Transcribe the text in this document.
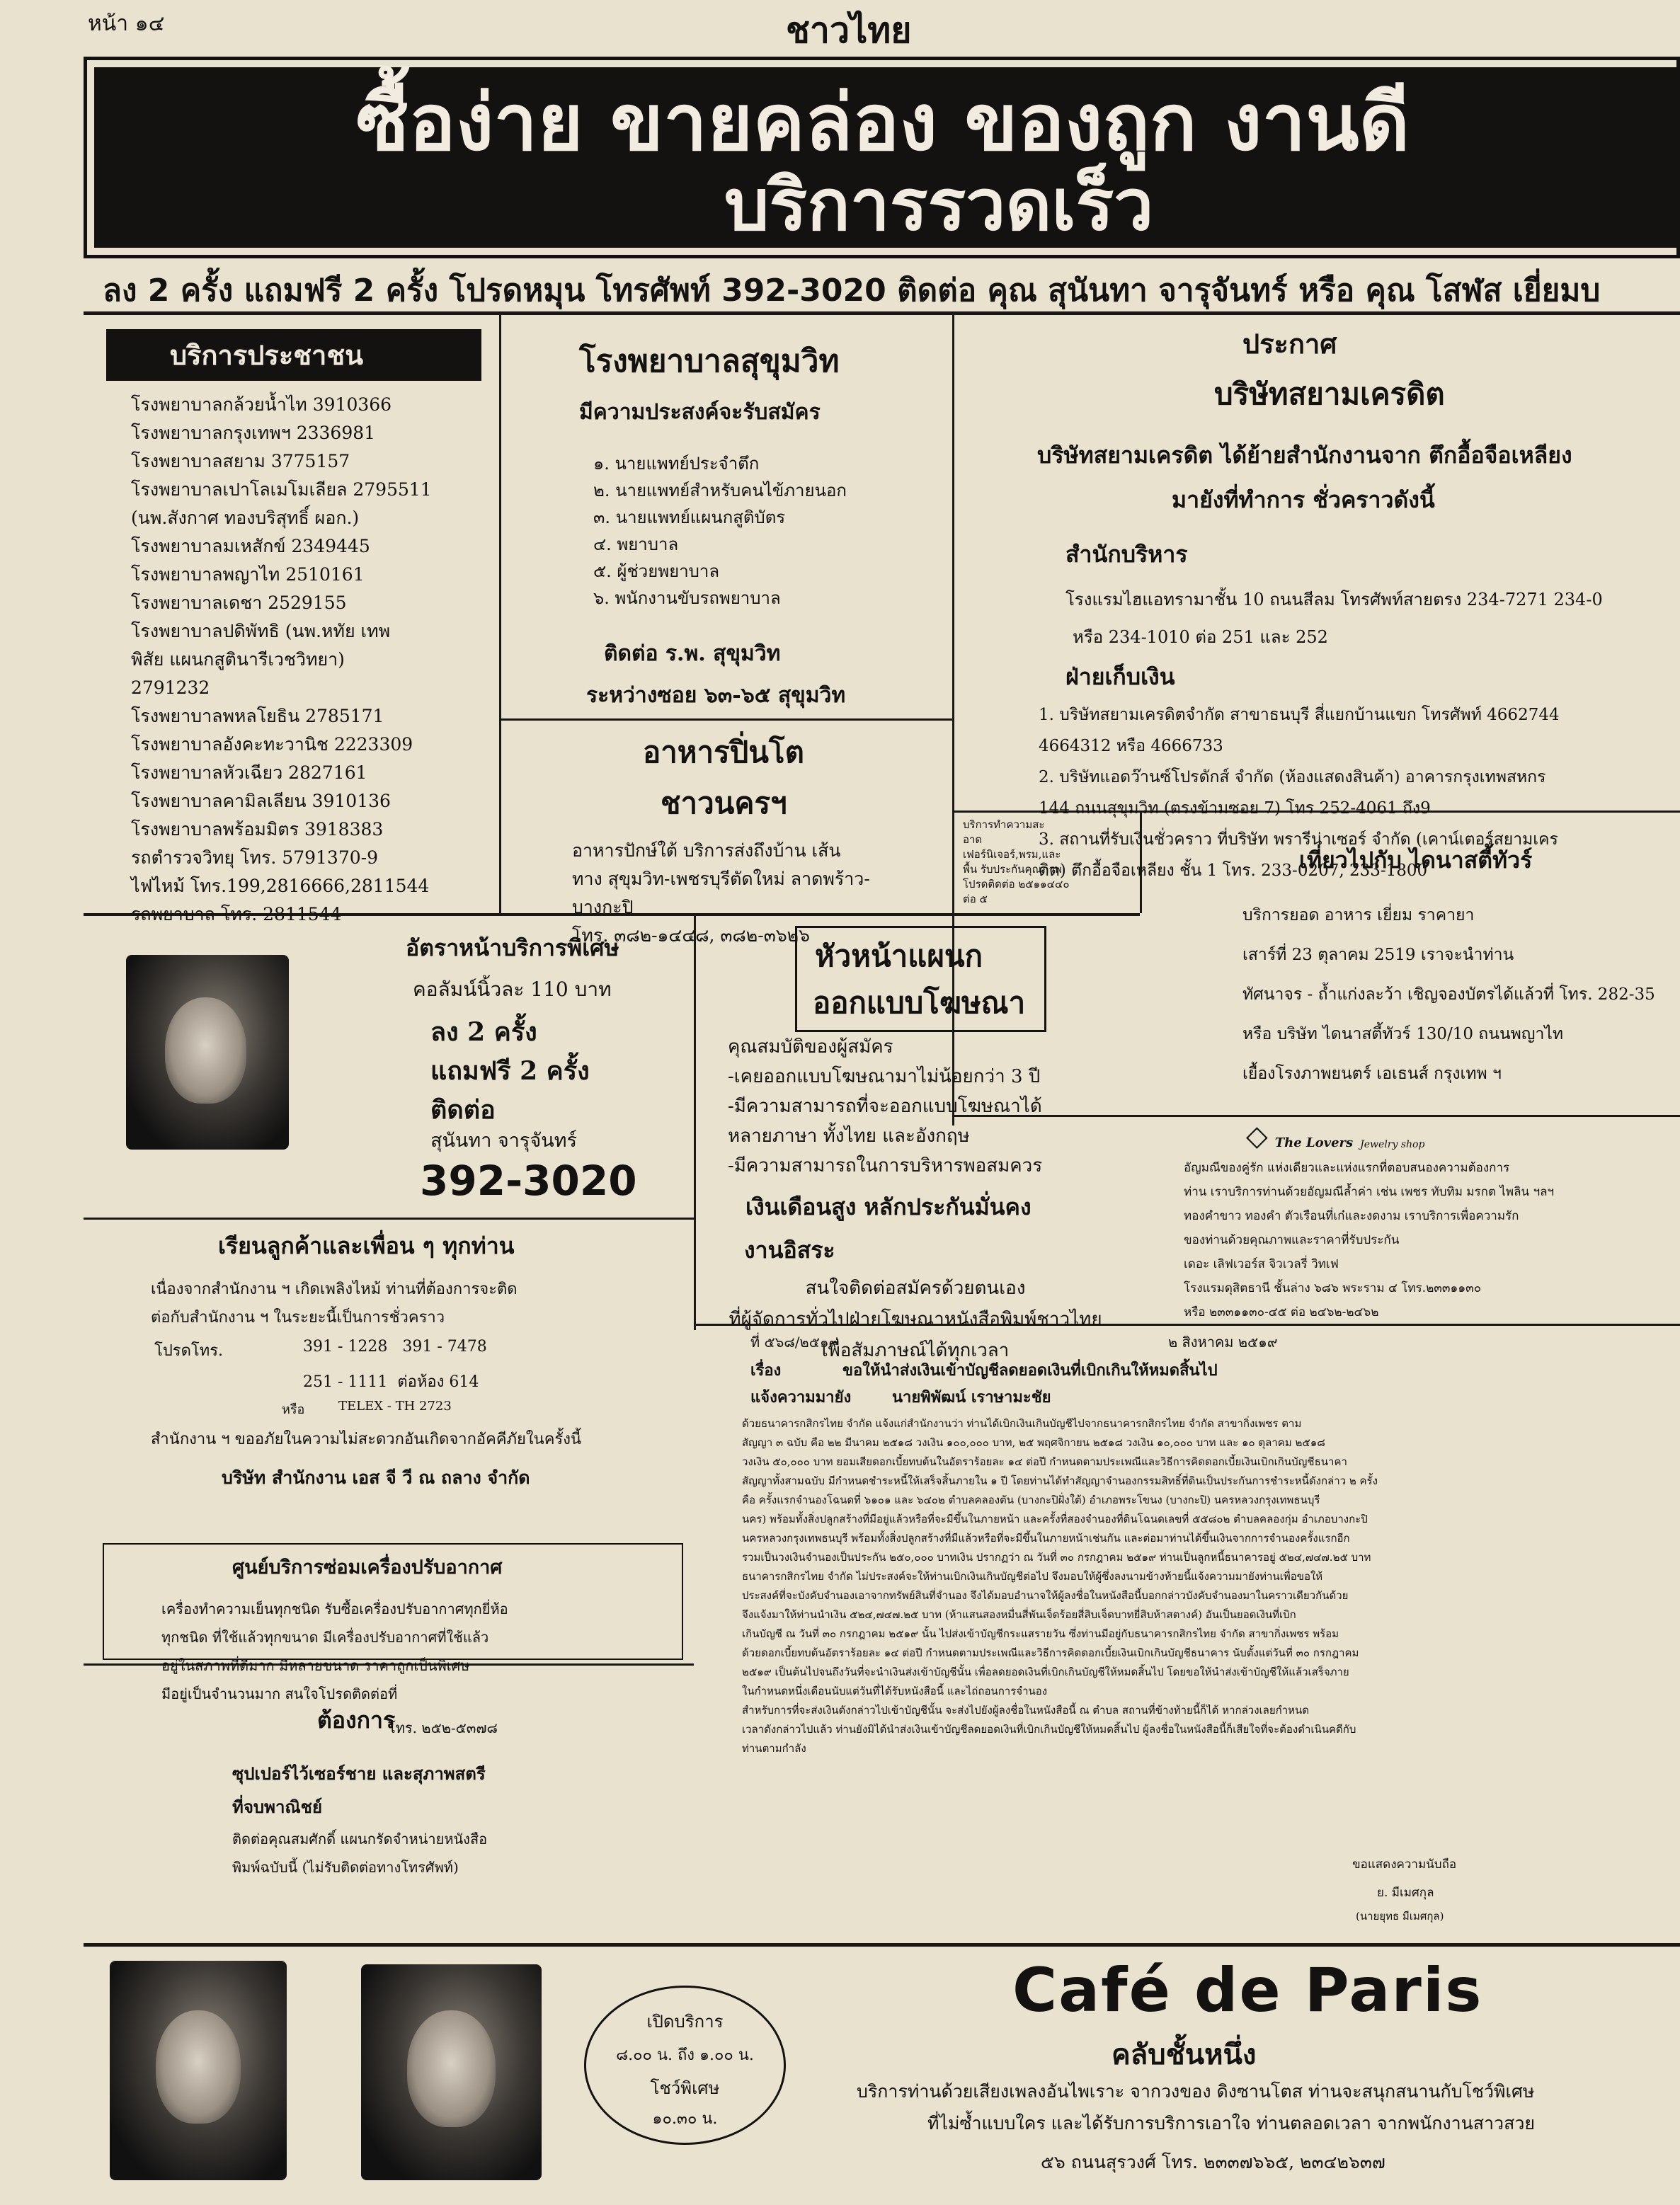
หน้า ๑๔	ชาวไทย
ซื้อง่าย ขายคล่อง ของถูก งานดี
บริการรวดเร็ว
ลง 2 ครั้ง แถมฟรี 2 ครั้ง โปรดหมุน โทรศัพท์ 392-3020 ติดต่อ คุณ สุนันทา จารุจันทร์ หรือ คุณ โสฬส เยี่ยมบ
บริการประชาชน
โรงพยาบาลกล้วยน้ำไท 3910366
โรงพยาบาลกรุงเทพฯ 2336981
โรงพยาบาลสยาม 3775157
โรงพยาบาลเปาโลเมโมเลียล 2795511
(นพ.สังกาศ ทองบริสุทธิ์ ผอก.)
โรงพยาบาลมเหสักข์ 2349445
โรงพยาบาลพญาไท 2510161
โรงพยาบาลเดชา 2529155
โรงพยาบาลปดิพัทธิ (นพ.หทัย เทพ
พิสัย แผนกสูตินารีเวชวิทยา)
2791232
โรงพยาบาลพหลโยธิน 2785171
โรงพยาบาลอังคะทะวานิช 2223309
โรงพยาบาลหัวเฉียว 2827161
โรงพยาบาลคามิลเลียน 3910136
โรงพยาบาลพร้อมมิตร 3918383
รถตำรวจวิทยุ โทร. 5791370-9
ไฟไหม้ โทร.199,2816666,2811544
รถพยาบาล โทร. 2811544
โรงพยาบาลสุขุมวิท
มีความประสงค์จะรับสมัคร
๑. นายแพทย์ประจำตึก
๒. นายแพทย์สำหรับคนไข้ภายนอก
๓. นายแพทย์แผนกสูติบัตร
๔. พยาบาล
๕. ผู้ช่วยพยาบาล
๖. พนักงานขับรถพยาบาล
ติดต่อ ร.พ. สุขุมวิท
ระหว่างซอย ๖๓-๖๕ สุขุมวิท
ประกาศ
บริษัทสยามเครดิต
บริษัทสยามเครดิต ได้ย้ายสำนักงานจาก ตึกอื้อจือเหลียง
มายังที่ทำการ ชั่วคราวดังนี้
สำนักบริหาร
โรงแรมไฮแอทรามาชั้น 10 ถนนสีลม โทรศัพท์สายตรง 234-7271 234-0
หรือ 234-1010 ต่อ 251 และ 252
ฝ่ายเก็บเงิน
1. บริษัทสยามเครดิตจำกัด สาขาธนบุรี สี่แยกบ้านแขก โทรศัพท์ 4662744
4664312 หรือ 4666733
2. บริษัทแอดว๊านซ์โปรดักส์ จำกัด (ห้องแสดงสินค้า) อาคารกรุงเทพสหกร
144 ถนนสุขุมวิท (ตรงข้ามซอย 7) โทร 252-4061 ถึง9
3. สถานที่รับเงินชั่วคราว ที่บริษัท พรารีน่าเซอร์ จำกัด (เคาน์เตอร์สยามเคร
ดิต) ตึกอื้อจือเหลียง ชั้น 1 โทร. 233-0207, 233-1800
อาหารปิ่นโต
ชาวนครฯ
อาหารปักษ์ใต้ บริการส่งถึงบ้าน เส้น
ทาง สุขุมวิท-เพชรบุรีตัดใหม่ ลาดพร้าว-
บางกะปิ
โทร. ๓๘๒-๑๔๔๘, ๓๘๒-๓๖๒๖
บริการทำความสะ
อาด
เฟอร์นิเจอร์,พรม,และ
พื้น รับประกันคุณภาพ
โปรดติดต่อ ๒๕๑๑๔๔๐
ต่อ ๕
เที่ยวไปกับ ไดนาสตี้ทัวร์
บริการยอด อาหาร เยี่ยม ราคายา
เสาร์ที่ 23 ตุลาคม 2519 เราจะนำท่าน
ทัศนาจร - ถ้ำแก่งละว้า เชิญจองบัตรได้แล้วที่ โทร. 282-35
หรือ บริษัท ไดนาสตี้ทัวร์ 130/10 ถนนพญาไท
เยื้องโรงภาพยนตร์ เอเธนส์ กรุงเทพ ฯ
อัตราหน้าบริการพิเศษ
คอลัมน์นิ้วละ 110 บาท
ลง 2 ครั้ง
แถมฟรี 2 ครั้ง
ติดต่อ
สุนันทา จารุจันทร์
392-3020
หัวหน้าแผนก
ออกแบบโฆษณา
คุณสมบัติของผู้สมัคร
-เคยออกแบบโฆษณามาไม่น้อยกว่า 3 ปี
-มีความสามารถที่จะออกแบบโฆษณาได้
หลายภาษา ทั้งไทย และอังกฤษ
-มีความสามารถในการบริหารพอสมควร
เงินเดือนสูง หลักประกันมั่นคง
งานอิสระ
สนใจติดต่อสมัครด้วยตนเอง
ที่ผู้จัดการทั่วไปฝ่ายโฆษณาหนังสือพิมพ์ชาวไทย
เพื่อสัมภาษณ์ได้ทุกเวลา
◇ The Lovers Jewelry shop
อัญมณีของคู่รัก แห่งเดียวและแห่งแรกที่ตอบสนองความต้องการ
ท่าน เราบริการท่านด้วยอัญมณีล้ำค่า เช่น เพชร ทับทิม มรกต ไพลิน ฯลฯ
ทองคำขาว ทองคำ ตัวเรือนที่เก๋และงดงาม เราบริการเพื่อความรัก
ของท่านด้วยคุณภาพและราคาที่รับประกัน
เดอะ เลิฟเวอร์ส จิวเวลรี่ วิทเฟ
โรงแรมดุสิตธานี ชั้นล่าง ๖๘๖ พระราม ๔ โทร.๒๓๓๑๑๓๐
หรือ ๒๓๓๑๑๓๐-๔๕ ต่อ ๒๔๖๒-๒๔๖๒
เรียนลูกค้าและเพื่อน ๆ ทุกท่าน
เนื่องจากสำนักงาน ฯ เกิดเพลิงไหม้ ท่านที่ต้องการจะติด
ต่อกับสำนักงาน ฯ ในระยะนี้เป็นการชั่วคราว
โปรดโทร.	391 - 1228   391 - 7478
251 - 1111  ต่อห้อง 614
หรือ	TELEX - TH 2723
สำนักงาน ฯ ขออภัยในความไม่สะดวกอันเกิดจากอัคคีภัยในครั้งนี้
บริษัท สำนักงาน เอส จี วี ณ ถลาง จำกัด
ศูนย์บริการซ่อมเครื่องปรับอากาศ
เครื่องทำความเย็นทุกชนิด รับซื้อเครื่องปรับอากาศทุกยี่ห้อ
ทุกชนิด ที่ใช้แล้วทุกขนาด มีเครื่องปรับอากาศที่ใช้แล้ว
อยู่ในสภาพที่ดีมาก มีหลายขนาด ราคาถูกเป็นพิเศษ
มีอยู่เป็นจำนวนมาก สนใจโปรดติดต่อที่
โทร. ๒๕๒-๕๓๗๘
ต้องการ
ซุปเปอร์ไว้เซอร์ชาย และสุภาพสตรี
ที่จบพาณิชย์
ติดต่อคุณสมศักดิ์ แผนกรัดจำหน่ายหนังสือ
พิมพ์ฉบับนี้ (ไม่รับติดต่อทางโทรศัพท์)
ที่ ๕๖๘/๒๕๑๙	๒ สิงหาคม ๒๕๑๙
เรื่อง	ขอให้นำส่งเงินเข้าบัญชีลดยอดเงินที่เบิกเกินให้หมดสิ้นไป
แจ้งความมายัง	นายพิพัฒน์ เราษามะชัย
ด้วยธนาคารกสิกรไทย จำกัด แจ้งแก่สำนักงานว่า ท่านได้เบิกเงินเกินบัญชีไปจากธนาคารกสิกรไทย จำกัด สาขากิ่งเพชร ตาม
สัญญา ๓ ฉบับ คือ ๒๒ มีนาคม ๒๕๑๘ วงเงิน ๑๐๐,๐๐๐ บาท, ๒๕ พฤศจิกายน ๒๕๑๘ วงเงิน ๑๐,๐๐๐ บาท และ ๑๐ ตุลาคม ๒๕๑๘
วงเงิน ๕๐,๐๐๐ บาท ยอมเสียดอกเบี้ยทบต้นในอัตราร้อยละ ๑๔ ต่อปี กำหนดตามประเพณีและวิธีการคิดดอกเบี้ยเงินเบิกเกินบัญชีธนาคา
สัญญาทั้งสามฉบับ มีกำหนดชำระหนี้ให้เสร็จสิ้นภายใน ๑ ปี โดยท่านได้ทำสัญญาจำนองกรรมสิทธิ์ที่ดินเป็นประกันการชำระหนี้ดังกล่าว ๒ ครั้ง
คือ ครั้งแรกจำนองโฉนดที่ ๖๑๐๑ และ ๖๔๐๒ ตำบลคลองตัน (บางกะปิฝั่งใต้) อำเภอพระโขนง (บางกะปิ) นครหลวงกรุงเทพธนบุรี
นคร) พร้อมทั้งสิ่งปลูกสร้างที่มีอยู่แล้วหรือที่จะมีขึ้นในภายหน้า และครั้งที่สองจำนองที่ดินโฉนดเลขที่ ๕๕๘๐๒ ตำบลคลองกุ่ม อำเภอบางกะปิ
นครหลวงกรุงเทพธนบุรี พร้อมทั้งสิ่งปลูกสร้างที่มีแล้วหรือที่จะมีขึ้นในภายหน้าเช่นกัน และต่อมาท่านได้ขึ้นเงินจากการจำนองครั้งแรกอีก
รวมเป็นวงเงินจำนองเป็นประกัน ๒๕๐,๐๐๐ บาทเงิน ปรากฏว่า ณ วันที่ ๓๐ กรกฎาคม ๒๕๑๙ ท่านเป็นลูกหนี้ธนาคารอยู่ ๕๒๔,๗๔๗.๒๕ บาท
ธนาคารกสิกรไทย จำกัด ไม่ประสงค์จะให้ท่านเบิกเงินเกินบัญชีต่อไป จึงมอบให้ผู้ซึ่งลงนามข้างท้ายนี้แจ้งความมายังท่านเพื่อขอให้
ประสงค์ที่จะบังคับจำนองเอาจากทรัพย์สินที่จำนอง จึงได้มอบอำนาจให้ผู้ลงชื่อในหนังสือนี้บอกกล่าวบังคับจำนองมาในคราวเดียวกันด้วย
จึงแจ้งมาให้ท่านนำเงิน ๕๒๔,๗๔๗.๒๕ บาท (ห้าแสนสองหมื่นสี่พันเจ็ดร้อยสี่สิบเจ็ดบาทยี่สิบห้าสตางค์) อันเป็นยอดเงินที่เบิก
เกินบัญชี ณ วันที่ ๓๐ กรกฎาคม ๒๕๑๙ นั้น ไปส่งเข้าบัญชีกระแสรายวัน ซึ่งท่านมีอยู่กับธนาคารกสิกรไทย จำกัด สาขากิ่งเพชร พร้อม
ด้วยดอกเบี้ยทบต้นอัตราร้อยละ ๑๔ ต่อปี กำหนดตามประเพณีและวิธีการคิดดอกเบี้ยเงินเบิกเกินบัญชีธนาคาร นับตั้งแต่วันที่ ๓๐ กรกฎาคม
๒๕๑๙ เป็นต้นไปจนถึงวันที่จะนำเงินส่งเข้าบัญชีนั้น เพื่อลดยอดเงินที่เบิกเกินบัญชีให้หมดสิ้นไป โดยขอให้นำส่งเข้าบัญชีให้แล้วเสร็จภาย
ในกำหนดหนึ่งเดือนนับแต่วันที่ได้รับหนังสือนี้ และไถ่ถอนการจำนอง
สำหรับการที่จะส่งเงินดังกล่าวไปเข้าบัญชีนั้น จะส่งไปยังผู้ลงชื่อในหนังสือนี้ ณ ตำบล สถานที่ข้างท้ายนี้ก็ได้ หากล่วงเลยกำหนด
เวลาดังกล่าวไปแล้ว ท่านยังมิได้นำส่งเงินเข้าบัญชีลดยอดเงินที่เบิกเกินบัญชีให้หมดสิ้นไป ผู้ลงชื่อในหนังสือนี้ก็เสียใจที่จะต้องดำเนินคดีกับ
ท่านตามกำลัง
ขอแสดงความนับถือ
ย. มีเมศกุล
(นายยุทธ มีเมศกุล)
เปิดบริการ
๘.๐๐ น. ถึง ๑.๐๐ น.
โชว์พิเศษ
๑๐.๓๐ น.
Café de Paris
คลับชั้นหนึ่ง
บริการท่านด้วยเสียงเพลงอันไพเราะ จากวงของ ดิงซานโตส ท่านจะสนุกสนานกับโชว์พิเศษ
ที่ไม่ซ้ำแบบใคร และได้รับการบริการเอาใจ ท่านตลอดเวลา จากพนักงานสาวสวย
๕๖ ถนนสุรวงศ์ โทร. ๒๓๓๗๖๖๕, ๒๓๔๒๖๓๗
